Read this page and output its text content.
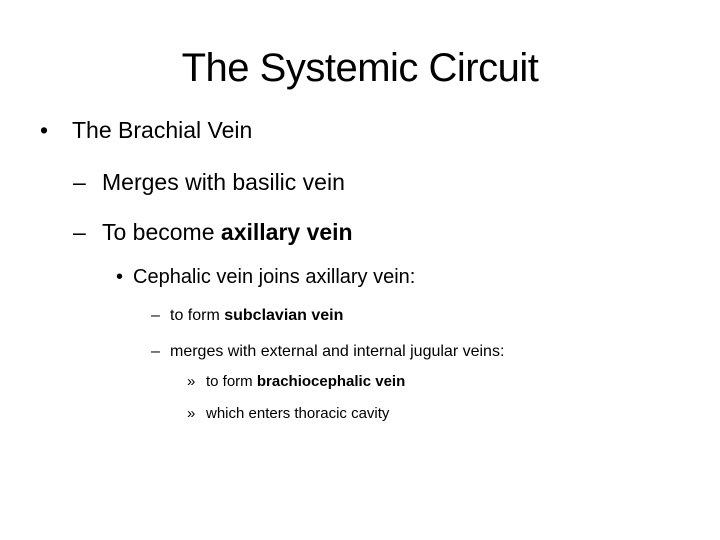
The Systemic Circuit
• The Brachial Vein
– Merges with basilic vein
– To become axillary vein
• Cephalic vein joins axillary vein:
– to form subclavian vein
– merges with external and internal jugular veins:
» to form brachiocephalic vein
» which enters thoracic cavity
